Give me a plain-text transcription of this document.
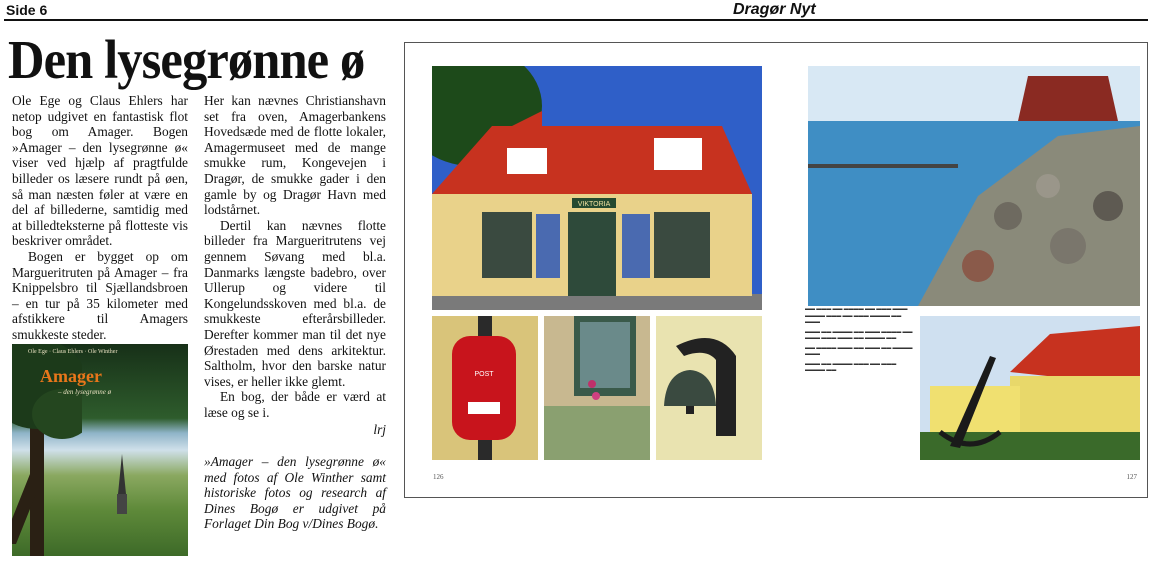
Side 6	Dragør Nyt
Den lysegrønne ø

Ole Ege og Claus Ehlers har netop udgivet en fantastisk flot bog om Amager. Bogen »Amager – den lysegrønne ø« viser ved hjælp af pragtfulde billeder os læsere rundt på øen, så man næsten føler at være en del af billederne, samtidig med at billedteksterne på flotteste vis beskriver området.

Bogen er bygget op om Margueritruten på Amager – fra Knippelsbro til Sjællandsbroen – en tur på 35 kilometer med afstikkere til Amagers smukkeste steder.

Ole Ege · Claus Ehlers · Ole Winther
Amager
– den lysegrønne ø

Her kan nævnes Christianshavn set fra oven, Amagerbankens Hovedsæde med de flotte lokaler, Amagermuseet med de mange smukke rum, Kongevejen i Dragør, de smukke gader i den gamle by og Dragør Havn med lodstårnet.

Dertil kan nævnes flotte billeder fra Margueritrutens vej gennem Søvang med bl.a. Danmarks længste badebro, over Ullerup og videre til Kongelundsskoven med bl.a. de smukkeste efterårsbilleder. Derefter kommer man til det nye Ørestaden med dens arkitektur. Saltholm, hvor den barske natur vises, er heller ikke glemt.

En bog, der både er værd at læse og se i.

lrj

»Amager – den lysegrønne ø« med fotos af Ole Winther samt historiske fotos og research af Dines Bogø er udgivet på Forlaget Din Bog v/Dines Bogø.

VIKTORIA
POST
▬▬ ▬▬▬ ▬▬ ▬▬▬▬ ▬▬ ▬▬▬ ▬▬▬ ▬▬▬▬ ▬▬▬ ▬▬ ▬▬▬ ▬▬▬▬ ▬▬ ▬▬▬
▬▬▬ ▬▬ ▬▬▬▬ ▬▬ ▬▬▬ ▬▬▬▬ ▬▬ ▬▬▬ ▬▬▬ ▬▬▬ ▬▬ ▬▬▬▬ ▬▬
▬▬ ▬▬▬▬ ▬▬▬ ▬▬ ▬▬▬ ▬▬ ▬▬▬▬ ▬▬▬
▬▬▬ ▬▬ ▬▬▬▬ ▬▬▬ ▬▬ ▬▬▬ ▬▬▬▬ ▬▬
126	127
